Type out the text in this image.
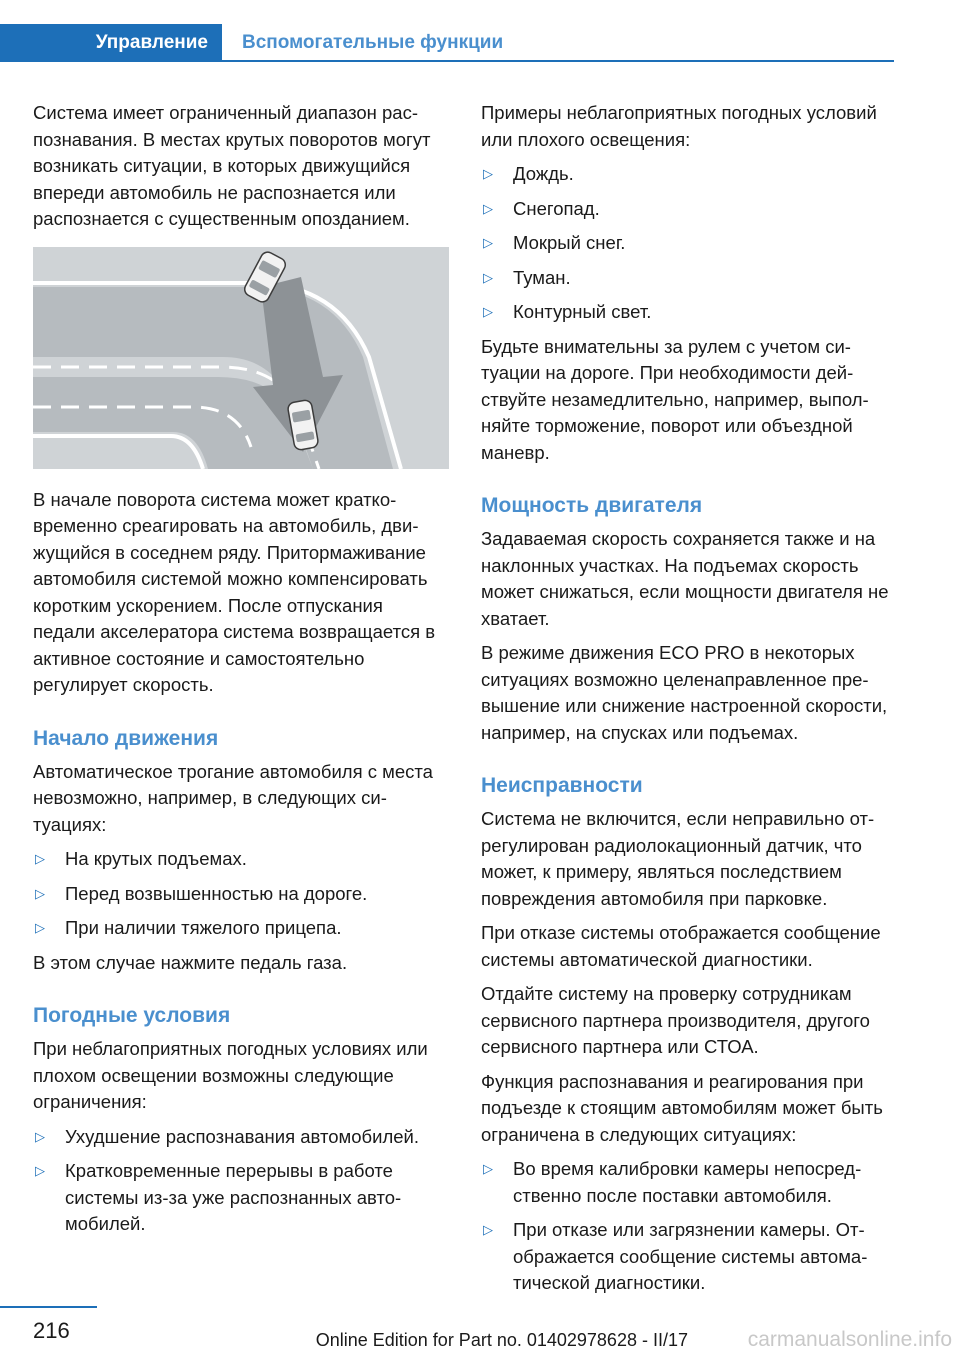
Управление	Вспомогательные функции

Система имеет ограниченный диапазон распознавания. В местах крутых поворотов могут возникать ситуации, в которых движущийся впереди автомобиль не распознается или распознается с существенным опозданием.

В начале поворота система может кратковременно среагировать на автомобиль, движущийся в соседнем ряду. Притормаживание автомобиля системой можно компенсировать коротким ускорением. После отпускания педали акселератора система возвращается в активное состояние и самостоятельно регулирует скорость.

Начало движения

Автоматическое трогание автомобиля с места невозможно, например, в следующих ситуациях:

▷ На крутых подъемах.
▷ Перед возвышенностью на дороге.
▷ При наличии тяжелого прицепа.

В этом случае нажмите педаль газа.

Погодные условия

При неблагоприятных погодных условиях или плохом освещении возможны следующие ограничения:

▷ Ухудшение распознавания автомобилей.
▷ Кратковременные перерывы в работе системы из-за уже распознанных автомобилей.

Примеры неблагоприятных погодных условий или плохого освещения:

▷ Дождь.
▷ Снегопад.
▷ Мокрый снег.
▷ Туман.
▷ Контурный свет.

Будьте внимательны за рулем с учетом ситуации на дороге. При необходимости действуйте незамедлительно, например, выполняйте торможение, поворот или объездной маневр.

Мощность двигателя

Задаваемая скорость сохраняется также и на наклонных участках. На подъемах скорость может снижаться, если мощности двигателя не хватает.

В режиме движения ECO PRO в некоторых ситуациях возможно целенаправленное превышение или снижение настроенной скорости, например, на спусках или подъемах.

Неисправности

Система не включится, если неправильно отрегулирован радиолокационный датчик, что может, к примеру, являться последствием повреждения автомобиля при парковке.

При отказе системы отображается сообщение системы автоматической диагностики.

Отдайте систему на проверку сотрудникам сервисного партнера производителя, другого сервисного партнера или СТОА.

Функция распознавания и реагирования при подъезде к стоящим автомобилям может быть ограничена в следующих ситуациях:

▷ Во время калибровки камеры непосредственно после поставки автомобиля.
▷ При отказе или загрязнении камеры. Отображается сообщение системы автоматической диагностики.
216	Online Edition for Part no. 01402978628 - II/17	carmanualsonline.info
